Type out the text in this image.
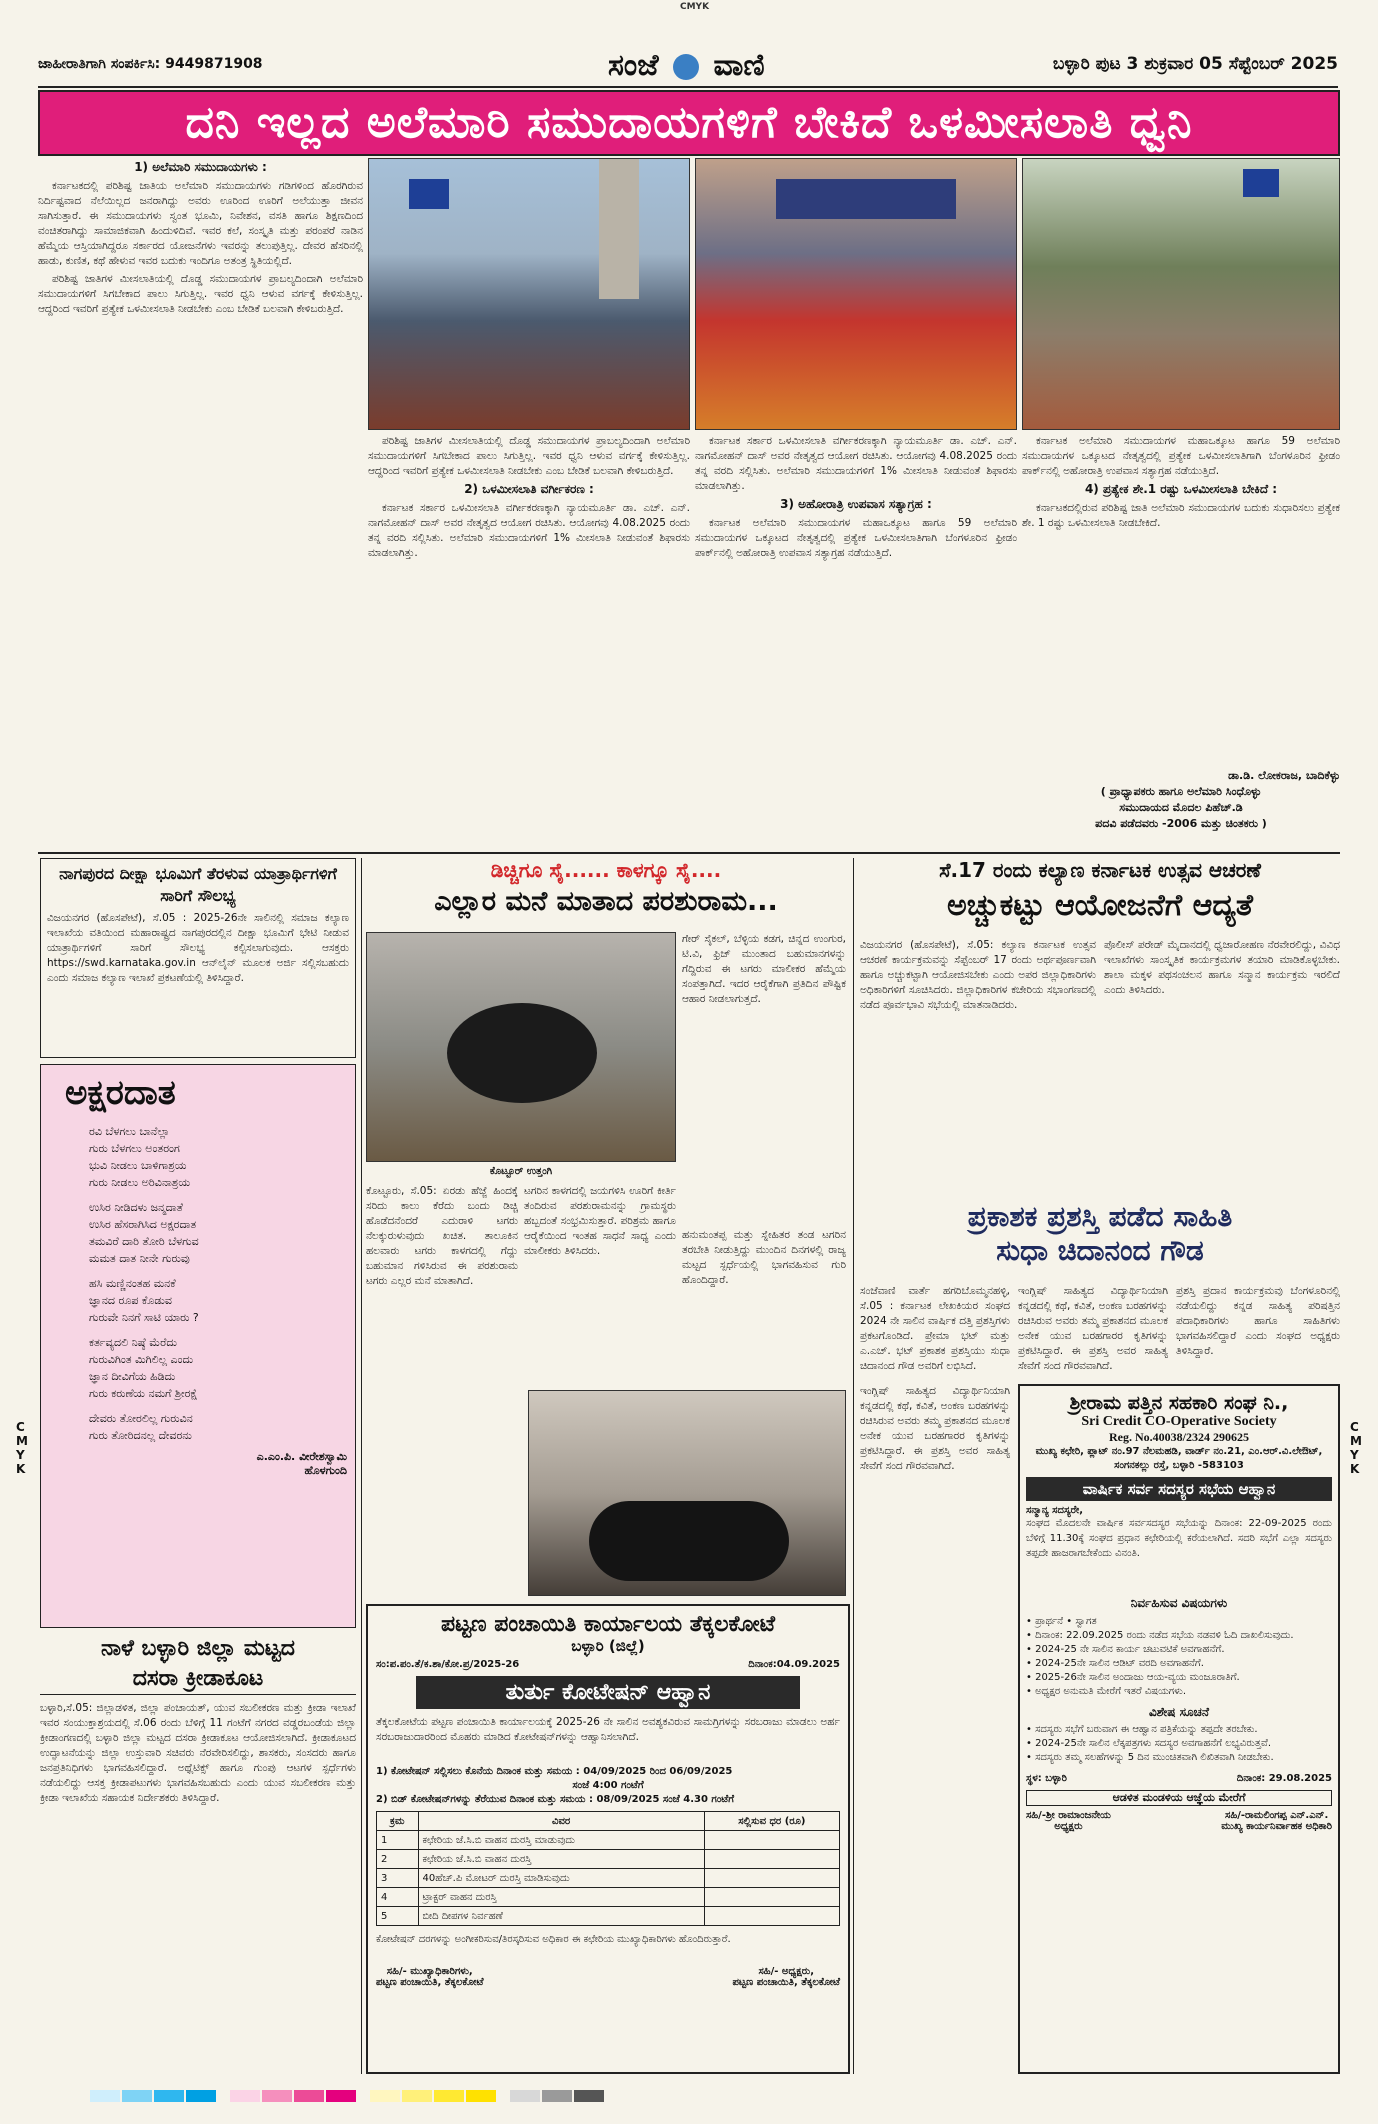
CMYK
ಜಾಹೀರಾತಿಗಾಗಿ ಸಂಪರ್ಕಿಸಿ: 9449871908	ಸಂಜೆ ವಾಣಿ	ಬಳ್ಳಾರಿ ಪುಟ 3 ಶುಕ್ರವಾರ 05 ಸೆಪ್ಟೆಂಬರ್ 2025
ದನಿ ಇಲ್ಲದ ಅಲೆಮಾರಿ ಸಮುದಾಯಗಳಿಗೆ ಬೇಕಿದೆ ಒಳಮೀಸಲಾತಿ ಧ್ವನಿ
1) ಅಲೆಮಾರಿ ಸಮುದಾಯಗಳು :

ಕರ್ನಾಟಕದಲ್ಲಿ ಪರಿಶಿಷ್ಟ ಜಾತಿಯ ಅಲೆಮಾರಿ ಸಮುದಾಯಗಳು ಗಡಿಗಳಿಂದ ಹೊರಗಿರುವ ನಿರ್ದಿಷ್ಟವಾದ ನೆಲೆಯಿಲ್ಲದ ಜನರಾಗಿದ್ದು ಅವರು ಊರಿಂದ ಊರಿಗೆ ಅಲೆಯುತ್ತಾ ಜೀವನ ಸಾಗಿಸುತ್ತಾರೆ. ಈ ಸಮುದಾಯಗಳು ಸ್ವಂತ ಭೂಮಿ, ನಿವೇಶನ, ವಸತಿ ಹಾಗೂ ಶಿಕ್ಷಣದಿಂದ ವಂಚಿತರಾಗಿದ್ದು ಸಾಮಾಜಿಕವಾಗಿ ಹಿಂದುಳಿದಿವೆ. ಇವರ ಕಲೆ, ಸಂಸ್ಕೃತಿ ಮತ್ತು ಪರಂಪರೆ ನಾಡಿನ ಹೆಮ್ಮೆಯ ಆಸ್ತಿಯಾಗಿದ್ದರೂ ಸರ್ಕಾರದ ಯೋಜನೆಗಳು ಇವರನ್ನು ತಲುಪುತ್ತಿಲ್ಲ. ದೇವರ ಹೆಸರಿನಲ್ಲಿ ಹಾಡು, ಕುಣಿತ, ಕಥೆ ಹೇಳುವ ಇವರ ಬದುಕು ಇಂದಿಗೂ ಅತಂತ್ರ ಸ್ಥಿತಿಯಲ್ಲಿದೆ.

ಪರಿಶಿಷ್ಟ ಜಾತಿಗಳ ಮೀಸಲಾತಿಯಲ್ಲಿ ದೊಡ್ಡ ಸಮುದಾಯಗಳ ಪ್ರಾಬಲ್ಯದಿಂದಾಗಿ ಅಲೆಮಾರಿ ಸಮುದಾಯಗಳಿಗೆ ಸಿಗಬೇಕಾದ ಪಾಲು ಸಿಗುತ್ತಿಲ್ಲ. ಇವರ ಧ್ವನಿ ಆಳುವ ವರ್ಗಕ್ಕೆ ಕೇಳಿಸುತ್ತಿಲ್ಲ. ಆದ್ದರಿಂದ ಇವರಿಗೆ ಪ್ರತ್ಯೇಕ ಒಳಮೀಸಲಾತಿ ನೀಡಬೇಕು ಎಂಬ ಬೇಡಿಕೆ ಬಲವಾಗಿ ಕೇಳಿಬರುತ್ತಿದೆ.

ಪರಿಶಿಷ್ಟ ಜಾತಿಗಳ ಮೀಸಲಾತಿಯಲ್ಲಿ ದೊಡ್ಡ ಸಮುದಾಯಗಳ ಪ್ರಾಬಲ್ಯದಿಂದಾಗಿ ಅಲೆಮಾರಿ ಸಮುದಾಯಗಳಿಗೆ ಸಿಗಬೇಕಾದ ಪಾಲು ಸಿಗುತ್ತಿಲ್ಲ. ಇವರ ಧ್ವನಿ ಆಳುವ ವರ್ಗಕ್ಕೆ ಕೇಳಿಸುತ್ತಿಲ್ಲ. ಆದ್ದರಿಂದ ಇವರಿಗೆ ಪ್ರತ್ಯೇಕ ಒಳಮೀಸಲಾತಿ ನೀಡಬೇಕು ಎಂಬ ಬೇಡಿಕೆ ಬಲವಾಗಿ ಕೇಳಿಬರುತ್ತಿದೆ.

2) ಒಳಮೀಸಲಾತಿ ವರ್ಗೀಕರಣ :

ಕರ್ನಾಟಕ ಸರ್ಕಾರ ಒಳಮೀಸಲಾತಿ ವರ್ಗೀಕರಣಕ್ಕಾಗಿ ನ್ಯಾಯಮೂರ್ತಿ ಡಾ. ಎಚ್. ಎನ್. ನಾಗಮೋಹನ್ ದಾಸ್ ಅವರ ನೇತೃತ್ವದ ಆಯೋಗ ರಚಿಸಿತು. ಆಯೋಗವು 4.08.2025 ರಂದು ತನ್ನ ವರದಿ ಸಲ್ಲಿಸಿತು. ಅಲೆಮಾರಿ ಸಮುದಾಯಗಳಿಗೆ 1% ಮೀಸಲಾತಿ ನೀಡುವಂತೆ ಶಿಫಾರಸು ಮಾಡಲಾಗಿತ್ತು.

ಕರ್ನಾಟಕ ಸರ್ಕಾರ ಒಳಮೀಸಲಾತಿ ವರ್ಗೀಕರಣಕ್ಕಾಗಿ ನ್ಯಾಯಮೂರ್ತಿ ಡಾ. ಎಚ್. ಎನ್. ನಾಗಮೋಹನ್ ದಾಸ್ ಅವರ ನೇತೃತ್ವದ ಆಯೋಗ ರಚಿಸಿತು. ಆಯೋಗವು 4.08.2025 ರಂದು ತನ್ನ ವರದಿ ಸಲ್ಲಿಸಿತು. ಅಲೆಮಾರಿ ಸಮುದಾಯಗಳಿಗೆ 1% ಮೀಸಲಾತಿ ನೀಡುವಂತೆ ಶಿಫಾರಸು ಮಾಡಲಾಗಿತ್ತು.

3) ಅಹೋರಾತ್ರಿ ಉಪವಾಸ ಸತ್ಯಾಗ್ರಹ :

ಕರ್ನಾಟಕ ಅಲೆಮಾರಿ ಸಮುದಾಯಗಳ ಮಹಾಒಕ್ಕೂಟ ಹಾಗೂ 59 ಅಲೆಮಾರಿ ಸಮುದಾಯಗಳ ಒಕ್ಕೂಟದ ನೇತೃತ್ವದಲ್ಲಿ ಪ್ರತ್ಯೇಕ ಒಳಮೀಸಲಾತಿಗಾಗಿ ಬೆಂಗಳೂರಿನ ಫ್ರೀಡಂ ಪಾರ್ಕ್‌ನಲ್ಲಿ ಅಹೋರಾತ್ರಿ ಉಪವಾಸ ಸತ್ಯಾಗ್ರಹ ನಡೆಯುತ್ತಿದೆ.

ಕರ್ನಾಟಕ ಅಲೆಮಾರಿ ಸಮುದಾಯಗಳ ಮಹಾಒಕ್ಕೂಟ ಹಾಗೂ 59 ಅಲೆಮಾರಿ ಸಮುದಾಯಗಳ ಒಕ್ಕೂಟದ ನೇತೃತ್ವದಲ್ಲಿ ಪ್ರತ್ಯೇಕ ಒಳಮೀಸಲಾತಿಗಾಗಿ ಬೆಂಗಳೂರಿನ ಫ್ರೀಡಂ ಪಾರ್ಕ್‌ನಲ್ಲಿ ಅಹೋರಾತ್ರಿ ಉಪವಾಸ ಸತ್ಯಾಗ್ರಹ ನಡೆಯುತ್ತಿದೆ.

4) ಪ್ರತ್ಯೇಕ ಶೇ.1 ರಷ್ಟು ಒಳಮೀಸಲಾತಿ ಬೇಕಿದೆ :

ಕರ್ನಾಟಕದಲ್ಲಿರುವ ಪರಿಶಿಷ್ಟ ಜಾತಿ ಅಲೆಮಾರಿ ಸಮುದಾಯಗಳ ಬದುಕು ಸುಧಾರಿಸಲು ಪ್ರತ್ಯೇಕ ಶೇ. 1 ರಷ್ಟು ಒಳಮೀಸಲಾತಿ ನೀಡಬೇಕಿದೆ.

ಡಾ.ಡಿ. ಲೋಕರಾಜ, ಬಾದಿಕೆಳ್ಳು
( ಪ್ರಾಧ್ಯಾಪಕರು ಹಾಗೂ ಅಲೆಮಾರಿ ಸಿಂಧೊಳ್ಳು
ಸಮುದಾಯದ ಮೊದಲ ಪಿಹೆಚ್.ಡಿ
ಪದವಿ ಪಡೆದವರು -2006 ಮತ್ತು ಚಿಂತಕರು )
ನಾಗಪುರದ ದೀಕ್ಷಾ ಭೂಮಿಗೆ ತೆರಳುವ ಯಾತ್ರಾರ್ಥಿಗಳಿಗೆ ಸಾರಿಗೆ ಸೌಲಭ್ಯ
ವಿಜಯನಗರ (ಹೊಸಪೇಟೆ), ಸೆ.05 : 2025-26ನೇ ಸಾಲಿನಲ್ಲಿ ಸಮಾಜ ಕಲ್ಯಾಣ ಇಲಾಖೆಯ ವತಿಯಿಂದ ಮಹಾರಾಷ್ಟ್ರದ ನಾಗಪುರದಲ್ಲಿನ ದೀಕ್ಷಾ ಭೂಮಿಗೆ ಭೇಟಿ ನೀಡುವ ಯಾತ್ರಾರ್ಥಿಗಳಿಗೆ ಸಾರಿಗೆ ಸೌಲಭ್ಯ ಕಲ್ಪಿಸಲಾಗುವುದು. ಆಸಕ್ತರು https://swd.karnataka.gov.in ಆನ್‌ಲೈನ್ ಮೂಲಕ ಅರ್ಜಿ ಸಲ್ಲಿಸಬಹುದು ಎಂದು ಸಮಾಜ ಕಲ್ಯಾಣ ಇಲಾಖೆ ಪ್ರಕಟಣೆಯಲ್ಲಿ ತಿಳಿಸಿದ್ದಾರೆ.
ಅಕ್ಷರದಾತ
ರವಿ ಬೆಳಗಲು ಬಾನೆಲ್ಲಾ
ಗುರು ಬೆಳಗಲು ಅಂತರಂಗ
ಭುವಿ ನೀಡಲು ಬಾಳಿಗಾಶ್ರಯ
ಗುರು ನೀಡಲು ಅರಿವಿನಾಶ್ರಯ
ಉಸಿರ ನೀಡಿದಳು ಜನ್ಮದಾತೆ
ಉಸಿರ ಹೆಸರಾಗಿಸಿದ ಅಕ್ಷರದಾತ
ತಮವಿರೆ ದಾರಿ ತೋರಿ ಬೆಳಗುವ
ಮಮತ ದಾತ ನೀನೇ ಗುರುವು
ಹಸಿ ಮಣ್ಣಿನಂತಹ ಮನಕೆ
ಜ್ಞಾನದ ರೂಪ ಕೊಡುವ
ಗುರುವೇ ನಿನಗೆ ಸಾಟಿ ಯಾರು ?
ಕರ್ತವ್ಯದಲಿ ನಿಷ್ಠೆ ಮೆರೆದು
ಗುರುವಿಗಿಂತ ಮಿಗಿಲಿಲ್ಲ ಎಂದು
ಜ್ಞಾನ ದೀವಿಗೆಯ ಹಿಡಿದು
ಗುರು ಕರುಣೆಯ ನಮಗೆ ಶ್ರೀರಕ್ಷೆ
ದೇವರು ತೋರಲಿಲ್ಲ ಗುರುವಿನ
ಗುರು ತೋರಿದನಲ್ಲ ದೇವರನು
ಎ.ಎಂ.ಪಿ. ವೀರೇಶಸ್ವಾಮಿ
ಹೊಳಗುಂದಿ
ನಾಳೆ ಬಳ್ಳಾರಿ ಜಿಲ್ಲಾ ಮಟ್ಟದ
ದಸರಾ ಕ್ರೀಡಾಕೂಟ
ಬಳ್ಳಾರಿ,ಸೆ.05: ಜಿಲ್ಲಾಡಳಿತ, ಜಿಲ್ಲಾ ಪಂಚಾಯತ್, ಯುವ ಸಬಲೀಕರಣ ಮತ್ತು ಕ್ರೀಡಾ ಇಲಾಖೆ ಇವರ ಸಂಯುಕ್ತಾಶ್ರಯದಲ್ಲಿ ಸೆ.06 ರಂದು ಬೆಳಿಗ್ಗೆ 11 ಗಂಟೆಗೆ ನಗರದ ವಡ್ಡರಬಂಡೆಯ ಜಿಲ್ಲಾ ಕ್ರೀಡಾಂಗಣದಲ್ಲಿ ಬಳ್ಳಾರಿ ಜಿಲ್ಲಾ ಮಟ್ಟದ ದಸರಾ ಕ್ರೀಡಾಕೂಟ ಆಯೋಜಿಸಲಾಗಿದೆ. ಕ್ರೀಡಾಕೂಟದ ಉದ್ಘಾಟನೆಯನ್ನು ಜಿಲ್ಲಾ ಉಸ್ತುವಾರಿ ಸಚಿವರು ನೆರವೇರಿಸಲಿದ್ದು, ಶಾಸಕರು, ಸಂಸದರು ಹಾಗೂ ಜನಪ್ರತಿನಿಧಿಗಳು ಭಾಗವಹಿಸಲಿದ್ದಾರೆ. ಅಥ್ಲೆಟಿಕ್ಸ್ ಹಾಗೂ ಗುಂಪು ಆಟಗಳ ಸ್ಪರ್ಧೆಗಳು ನಡೆಯಲಿದ್ದು ಆಸಕ್ತ ಕ್ರೀಡಾಪಟುಗಳು ಭಾಗವಹಿಸಬಹುದು ಎಂದು ಯುವ ಸಬಲೀಕರಣ ಮತ್ತು ಕ್ರೀಡಾ ಇಲಾಖೆಯ ಸಹಾಯಕ ನಿರ್ದೇಶಕರು ತಿಳಿಸಿದ್ದಾರೆ.
ಡಿಚ್ಚಿಗೂ ಸೈ...... ಕಾಳಗ್ಕೂ ಸೈ....
ಎಲ್ಲಾರ ಮನೆ ಮಾತಾದ ಪರಶುರಾಮ...
ಕೊಟ್ಟೂರ್ ಉತ್ತಂಗಿ
ಗೇರ್ ಸೈಕಲ್, ಬೆಳ್ಳಿಯ ಕಡಗ, ಚಿನ್ನದ ಉಂಗುರ, ಟಿ.ವಿ, ಫ್ರಿಜ್ ಮುಂತಾದ ಬಹುಮಾನಗಳನ್ನು ಗೆದ್ದಿರುವ ಈ ಟಗರು ಮಾಲೀಕರ ಹೆಮ್ಮೆಯ ಸಂಪತ್ತಾಗಿದೆ. ಇದರ ಆರೈಕೆಗಾಗಿ ಪ್ರತಿದಿನ ಪೌಷ್ಟಿಕ ಆಹಾರ ನೀಡಲಾಗುತ್ತದೆ.
ಕೊಟ್ಟೂರು, ಸೆ.05: ಏರಡು ಹೆಜ್ಜೆ ಹಿಂದಕ್ಕೆ ಸರಿದು ಕಾಲು ಕೆರೆದು ಬಂದು ಡಿಚ್ಚಿ ಹೊಡೆದನೆಂದರೆ ಎದುರಾಳಿ ಟಗರು ನೆಲಕ್ಕುರುಳುವುದು ಖಚಿತ. ತಾಲೂಕಿನ ಹಲವಾರು ಟಗರು ಕಾಳಗದಲ್ಲಿ ಗೆದ್ದು ಬಹುಮಾನ ಗಳಿಸಿರುವ ಈ ಪರಶುರಾಮ ಟಗರು ಎಲ್ಲರ ಮನೆ ಮಾತಾಗಿದೆ.
ಟಗರಿನ ಕಾಳಗದಲ್ಲಿ ಜಯಗಳಿಸಿ ಊರಿಗೆ ಕೀರ್ತಿ ತಂದಿರುವ ಪರಶುರಾಮನನ್ನು ಗ್ರಾಮಸ್ಥರು ಹಬ್ಬದಂತೆ ಸಂಭ್ರಮಿಸುತ್ತಾರೆ. ಪರಿಶ್ರಮ ಹಾಗೂ ಆರೈಕೆಯಿಂದ ಇಂತಹ ಸಾಧನೆ ಸಾಧ್ಯ ಎಂದು ಮಾಲೀಕರು ತಿಳಿಸಿದರು.
ಹನುಮಂತಪ್ಪ ಮತ್ತು ಸ್ನೇಹಿತರ ತಂಡ ಟಗರಿನ ತರಬೇತಿ ನೀಡುತ್ತಿದ್ದು ಮುಂದಿನ ದಿನಗಳಲ್ಲಿ ರಾಜ್ಯ ಮಟ್ಟದ ಸ್ಪರ್ಧೆಯಲ್ಲಿ ಭಾಗವಹಿಸುವ ಗುರಿ ಹೊಂದಿದ್ದಾರೆ.
ಪಟ್ಟಣ ಪಂಚಾಯಿತಿ ಕಾರ್ಯಾಲಯ ತೆಕ್ಕಲಕೋಟೆ
ಬಳ್ಳಾರಿ (ಜಿಲ್ಲೆ)
ಸಂ:ಪ.ಪಂ.ತೆ/ಕ.ಶಾ/ಕೋ.ಪ್ರ/2025-26	ದಿನಾಂಕ:04.09.2025
ತುರ್ತು ಕೋಟೇಷನ್ ಆಹ್ವಾನ
ತೆಕ್ಕಲಕೋಟೆಯ ಪಟ್ಟಣ ಪಂಚಾಯಿತಿ ಕಾರ್ಯಾಲಯಕ್ಕೆ 2025-26 ನೇ ಸಾಲಿನ ಅವಶ್ಯಕವಿರುವ ಸಾಮಗ್ರಿಗಳನ್ನು ಸರಬರಾಜು ಮಾಡಲು ಅರ್ಹ ಸರಬರಾಜುದಾರರಿಂದ ಮೊಹರು ಮಾಡಿದ ಕೋಟೇಷನ್‌ಗಳನ್ನು ಆಹ್ವಾನಿಸಲಾಗಿದೆ.
1) ಕೋಟೇಷನ್ ಸಲ್ಲಿಸಲು ಕೊನೆಯ ದಿನಾಂಕ ಮತ್ತು ಸಮಯ : 04/09/2025 ರಿಂದ 06/09/2025
ಸಂಜೆ 4:00 ಗಂಟೆಗೆ
2) ಬಿಡ್ ಕೋಟೇಷನ್‌ಗಳನ್ನು ತೆರೆಯುವ ದಿನಾಂಕ ಮತ್ತು ಸಮಯ : 08/09/2025 ಸಂಜೆ 4.30 ಗಂಟೆಗೆ
ಕ್ರಮ	ವಿವರ	ಸಲ್ಲಿಸುವ ಧರ (ರೂ)
1	ಕಛೇರಿಯ ಜೆ.ಸಿ.ಬಿ ವಾಹನ ದುರಸ್ತಿ ಮಾಡುವುದು	
2	ಕಛೇರಿಯ ಜೆ.ಸಿ.ಬಿ ವಾಹನ ದುರಸ್ತಿ	
3	40ಹೆಚ್.ಪಿ ಮೋಟರ್ ದುರಸ್ತಿ ಮಾಡಿಸುವುದು	
4	ಟ್ರಾಕ್ಟರ್ ವಾಹನ ದುರಸ್ತಿ	
5	ಬೀದಿ ದೀಪಗಳ ನಿರ್ವಹಣೆ	
ಕೋಟೇಷನ್ ದರಗಳನ್ನು ಅಂಗೀಕರಿಸುವ/ತಿರಸ್ಕರಿಸುವ ಅಧಿಕಾರ ಈ ಕಛೇರಿಯ ಮುಖ್ಯಾಧಿಕಾರಿಗಳು ಹೊಂದಿರುತ್ತಾರೆ.
ಸಹಿ/- ಮುಖ್ಯಾಧಿಕಾರಿಗಳು,
ಪಟ್ಟಣ ಪಂಚಾಯಿತಿ, ತೆಕ್ಕಲಕೋಟೆ
ಸಹಿ/- ಅಧ್ಯಕ್ಷರು,
ಪಟ್ಟಣ ಪಂಚಾಯಿತಿ, ತೆಕ್ಕಲಕೋಟೆ
ಸೆ.17 ರಂದು ಕಲ್ಯಾಣ ಕರ್ನಾಟಕ ಉತ್ಸವ ಆಚರಣೆ
ಅಚ್ಚುಕಟ್ಟು ಆಯೋಜನೆಗೆ ಆದ್ಯತೆ
ವಿಜಯನಗರ (ಹೊಸಪೇಟೆ), ಸೆ.05: ಕಲ್ಯಾಣ ಕರ್ನಾಟಕ ಉತ್ಸವ ಆಚರಣೆ ಕಾರ್ಯಕ್ರಮವನ್ನು ಸೆಪ್ಟೆಂಬರ್ 17 ರಂದು ಅರ್ಥಪೂರ್ಣವಾಗಿ ಹಾಗೂ ಅಚ್ಚುಕಟ್ಟಾಗಿ ಆಯೋಜಿಸಬೇಕು ಎಂದು ಅಪರ ಜಿಲ್ಲಾಧಿಕಾರಿಗಳು ಅಧಿಕಾರಿಗಳಿಗೆ ಸೂಚಿಸಿದರು. ಜಿಲ್ಲಾಧಿಕಾರಿಗಳ ಕಚೇರಿಯ ಸಭಾಂಗಣದಲ್ಲಿ ನಡೆದ ಪೂರ್ವಭಾವಿ ಸಭೆಯಲ್ಲಿ ಮಾತನಾಡಿದರು.
ಪೊಲೀಸ್ ಪರೇಡ್ ಮೈದಾನದಲ್ಲಿ ಧ್ವಜಾರೋಹಣ ನೆರವೇರಲಿದ್ದು, ವಿವಿಧ ಇಲಾಖೆಗಳು ಸಾಂಸ್ಕೃತಿಕ ಕಾರ್ಯಕ್ರಮಗಳ ತಯಾರಿ ಮಾಡಿಕೊಳ್ಳಬೇಕು. ಶಾಲಾ ಮಕ್ಕಳ ಪಥಸಂಚಲನ ಹಾಗೂ ಸನ್ಮಾನ ಕಾರ್ಯಕ್ರಮ ಇರಲಿದೆ ಎಂದು ತಿಳಿಸಿದರು.
ಪ್ರಕಾಶಕ ಪ್ರಶಸ್ತಿ ಪಡೆದ ಸಾಹಿತಿ
ಸುಧಾ ಚಿದಾನಂದ ಗೌಡ
ಸಂಜೆವಾಣಿ ವಾರ್ತೆ ಹಗರಿಬೊಮ್ಮನಹಳ್ಳಿ, ಸೆ.05 : ಕರ್ನಾಟಕ ಲೇಖಕಿಯರ ಸಂಘದ 2024 ನೇ ಸಾಲಿನ ವಾರ್ಷಿಕ ದತ್ತಿ ಪ್ರಶಸ್ತಿಗಳು ಪ್ರಕಟಗೊಂಡಿದೆ. ಪ್ರೇಮಾ ಭಟ್ ಮತ್ತು ಎ.ಎಚ್. ಭಟ್ ಪ್ರಕಾಶಕ ಪ್ರಶಸ್ತಿಯು ಸುಧಾ ಚಿದಾನಂದ ಗೌಡ ಅವರಿಗೆ ಲಭಿಸಿದೆ.
ಇಂಗ್ಲಿಷ್ ಸಾಹಿತ್ಯದ ವಿದ್ಯಾರ್ಥಿನಿಯಾಗಿ ಕನ್ನಡದಲ್ಲಿ ಕಥೆ, ಕವಿತೆ, ಅಂಕಣ ಬರಹಗಳನ್ನು ರಚಿಸಿರುವ ಅವರು ತಮ್ಮ ಪ್ರಕಾಶನದ ಮೂಲಕ ಅನೇಕ ಯುವ ಬರಹಗಾರರ ಕೃತಿಗಳನ್ನು ಪ್ರಕಟಿಸಿದ್ದಾರೆ. ಈ ಪ್ರಶಸ್ತಿ ಅವರ ಸಾಹಿತ್ಯ ಸೇವೆಗೆ ಸಂದ ಗೌರವವಾಗಿದೆ.
ಪ್ರಶಸ್ತಿ ಪ್ರದಾನ ಕಾರ್ಯಕ್ರಮವು ಬೆಂಗಳೂರಿನಲ್ಲಿ ನಡೆಯಲಿದ್ದು ಕನ್ನಡ ಸಾಹಿತ್ಯ ಪರಿಷತ್ತಿನ ಪದಾಧಿಕಾರಿಗಳು ಹಾಗೂ ಸಾಹಿತಿಗಳು ಭಾಗವಹಿಸಲಿದ್ದಾರೆ ಎಂದು ಸಂಘದ ಅಧ್ಯಕ್ಷರು ತಿಳಿಸಿದ್ದಾರೆ.
ಇಂಗ್ಲಿಷ್ ಸಾಹಿತ್ಯದ ವಿದ್ಯಾರ್ಥಿನಿಯಾಗಿ ಕನ್ನಡದಲ್ಲಿ ಕಥೆ, ಕವಿತೆ, ಅಂಕಣ ಬರಹಗಳನ್ನು ರಚಿಸಿರುವ ಅವರು ತಮ್ಮ ಪ್ರಕಾಶನದ ಮೂಲಕ ಅನೇಕ ಯುವ ಬರಹಗಾರರ ಕೃತಿಗಳನ್ನು ಪ್ರಕಟಿಸಿದ್ದಾರೆ. ಈ ಪ್ರಶಸ್ತಿ ಅವರ ಸಾಹಿತ್ಯ ಸೇವೆಗೆ ಸಂದ ಗೌರವವಾಗಿದೆ.
ಶ್ರೀರಾಮ ಪತ್ತಿನ ಸಹಕಾರಿ ಸಂಘ ನಿ.,
Sri Credit CO-Operative Society
Reg. No.40038/2324 290625
ಮುಖ್ಯ ಕಛೇರಿ, ಪ್ಲಾಟ್ ನಂ.97 ನೆಲಮಹಡಿ, ವಾರ್ಡ್ ನಂ.21, ಎಂ.ಆರ್.ವಿ.ಲೇಔಟ್, ಸಂಗನಕಲ್ಲು ರಸ್ತೆ, ಬಳ್ಳಾರಿ -583103
ವಾರ್ಷಿಕ ಸರ್ವ ಸದಸ್ಯರ ಸಭೆಯ ಆಹ್ವಾನ
ಸನ್ಮಾನ್ಯ ಸದಸ್ಯರೇ,
ಸಂಘದ ಮೊದಲನೇ ವಾರ್ಷಿಕ ಸರ್ವಸದಸ್ಯರ ಸಭೆಯನ್ನು ದಿನಾಂಕ: 22-09-2025 ರಂದು ಬೆಳಿಗ್ಗೆ 11.30ಕ್ಕೆ ಸಂಘದ ಪ್ರಧಾನ ಕಛೇರಿಯಲ್ಲಿ ಕರೆಯಲಾಗಿದೆ. ಸದರಿ ಸಭೆಗೆ ಎಲ್ಲಾ ಸದಸ್ಯರು ತಪ್ಪದೇ ಹಾಜರಾಗಬೇಕೆಂದು ವಿನಂತಿ.
ನಿರ್ವಹಿಸುವ ವಿಷಯಗಳು
• ಪ್ರಾರ್ಥನೆ • ಸ್ವಾಗತ
• ದಿನಾಂಕ: 22.09.2025 ರಂದು ನಡೆದ ಸಭೆಯ ನಡವಳಿ ಓದಿ ದಾಖಲಿಸುವುದು.
• 2024-25 ನೇ ಸಾಲಿನ ಕಾರ್ಯ ಚಟುವಟಿಕೆ ಅವಗಾಹನೆಗೆ.
• 2024-25ನೇ ಸಾಲಿನ ಆಡಿಟ್ ವರದಿ ಅವಗಾಹನೆಗೆ.
• 2025-26ನೇ ಸಾಲಿನ ಅಂದಾಜು ಆಯ-ವ್ಯಯ ಮಂಜೂರಾತಿಗೆ.
• ಅಧ್ಯಕ್ಷರ ಅನುಮತಿ ಮೇರೆಗೆ ಇತರೆ ವಿಷಯಗಳು.
ವಿಶೇಷ ಸೂಚನೆ
• ಸದಸ್ಯರು ಸಭೆಗೆ ಬರುವಾಗ ಈ ಆಹ್ವಾನ ಪತ್ರಿಕೆಯನ್ನು ತಪ್ಪದೇ ತರಬೇಕು.
• 2024-25ನೇ ಸಾಲಿನ ಲೆಕ್ಕಪತ್ರಗಳು ಸದಸ್ಯರ ಅವಗಾಹನೆಗೆ ಲಭ್ಯವಿರುತ್ತವೆ.
• ಸದಸ್ಯರು ತಮ್ಮ ಸಲಹೆಗಳನ್ನು 5 ದಿನ ಮುಂಚಿತವಾಗಿ ಲಿಖಿತವಾಗಿ ನೀಡಬೇಕು.
ಸ್ಥಳ: ಬಳ್ಳಾರಿ	ದಿನಾಂಕ: 29.08.2025
ಆಡಳಿತ ಮಂಡಳಿಯ ಆಜ್ಞೆಯ ಮೇರೆಗೆ
ಸಹಿ/-ಶ್ರೀ ರಾಮಾಂಜನೇಯ
ಅಧ್ಯಕ್ಷರು
ಸಹಿ/-ರಾಮಲಿಂಗಪ್ಪ ಎನ್.ಎನ್.
ಮುಖ್ಯ ಕಾರ್ಯನಿರ್ವಾಹಕ ಅಧಿಕಾರಿ
C
M
Y
K
C
M
Y
K
